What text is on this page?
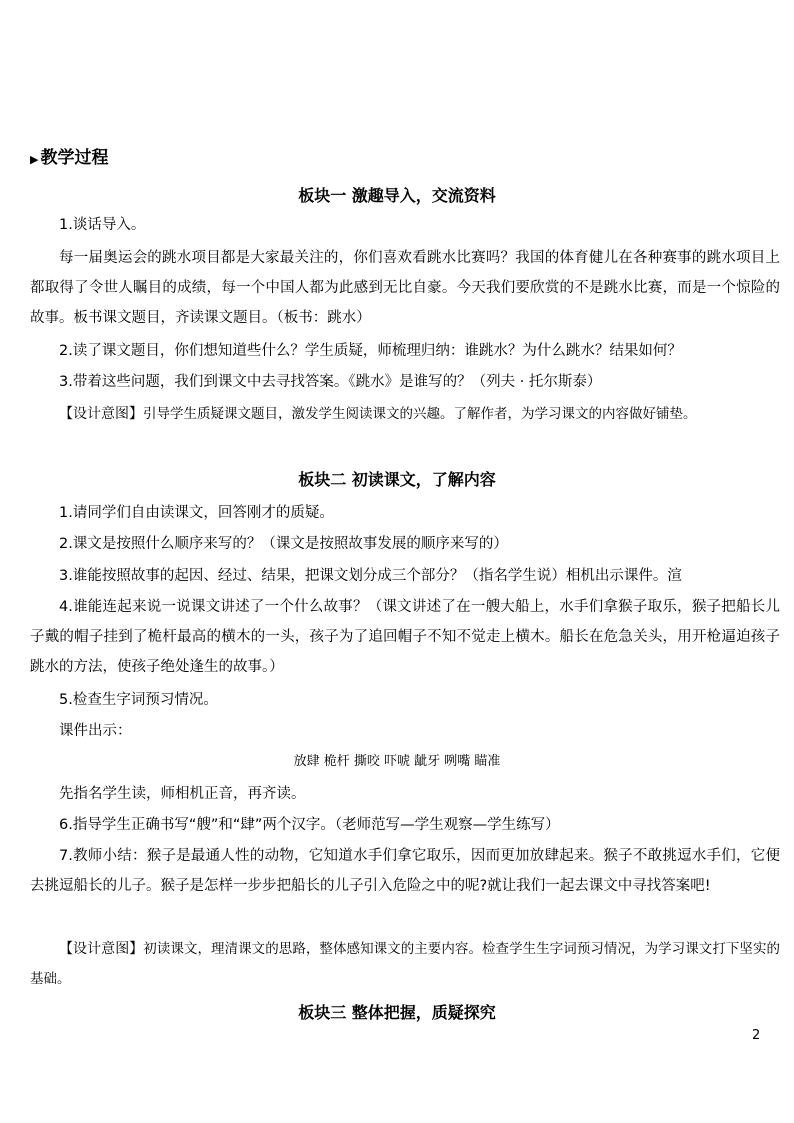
▶ 教学过程
板块一 激趣导入，交流资料
1.谈话导入。
每一届奥运会的跳水项目都是大家最关注的，你们喜欢看跳水比赛吗？我国的体育健儿在各种赛事的跳水项目上都取得了令世人瞩目的成绩，每一个中国人都为此感到无比自豪。今天我们要欣赏的不是跳水比赛，而是一个惊险的故事。板书课文题目，齐读课文题目。（板书：跳水）
2.读了课文题目，你们想知道些什么？学生质疑，师梳理归纳：谁跳水？为什么跳水？结果如何？
3.带着这些问题，我们到课文中去寻找答案。《跳水》是谁写的？（列夫 · 托尔斯泰）
【设计意图】引导学生质疑课文题目，激发学生阅读课文的兴趣。了解作者，为学习课文的内容做好铺垫。
板块二 初读课文，了解内容
1.请同学们自由读课文，回答刚才的质疑。
2.课文是按照什么顺序来写的？（课文是按照故事发展的顺序来写的）
3.谁能按照故事的起因、经过、结果，把课文划分成三个部分？（指名学生说）相机出示课件。渲
4.谁能连起来说一说课文讲述了一个什么故事？（课文讲述了在一艘大船上，水手们拿猴子取乐，猴子把船长儿子戴的帽子挂到了桅杆最高的横木的一头，孩子为了追回帽子不知不觉走上横木。船长在危急关头，用开枪逼迫孩子跳水的方法，使孩子绝处逢生的故事。）
5.检查生字词预习情况。
课件出示：
放肆 桅杆 撕咬 吓唬 龇牙 咧嘴 瞄准
先指名学生读，师相机正音，再齐读。
6.指导学生正确书写“艘”和“肆”两个汉字。（老师范写—学生观察—学生练写）
7.教师小结：猴子是最通人性的动物，它知道水手们拿它取乐，因而更加放肆起来。猴子不敢挑逗水手们，它便去挑逗船长的儿子。猴子是怎样一步步把船长的儿子引入危险之中的呢?就让我们一起去课文中寻找答案吧!
【设计意图】初读课文，理清课文的思路，整体感知课文的主要内容。检查学生生字词预习情况，为学习课文打下坚实的基础。
板块三 整体把握，质疑探究
2
